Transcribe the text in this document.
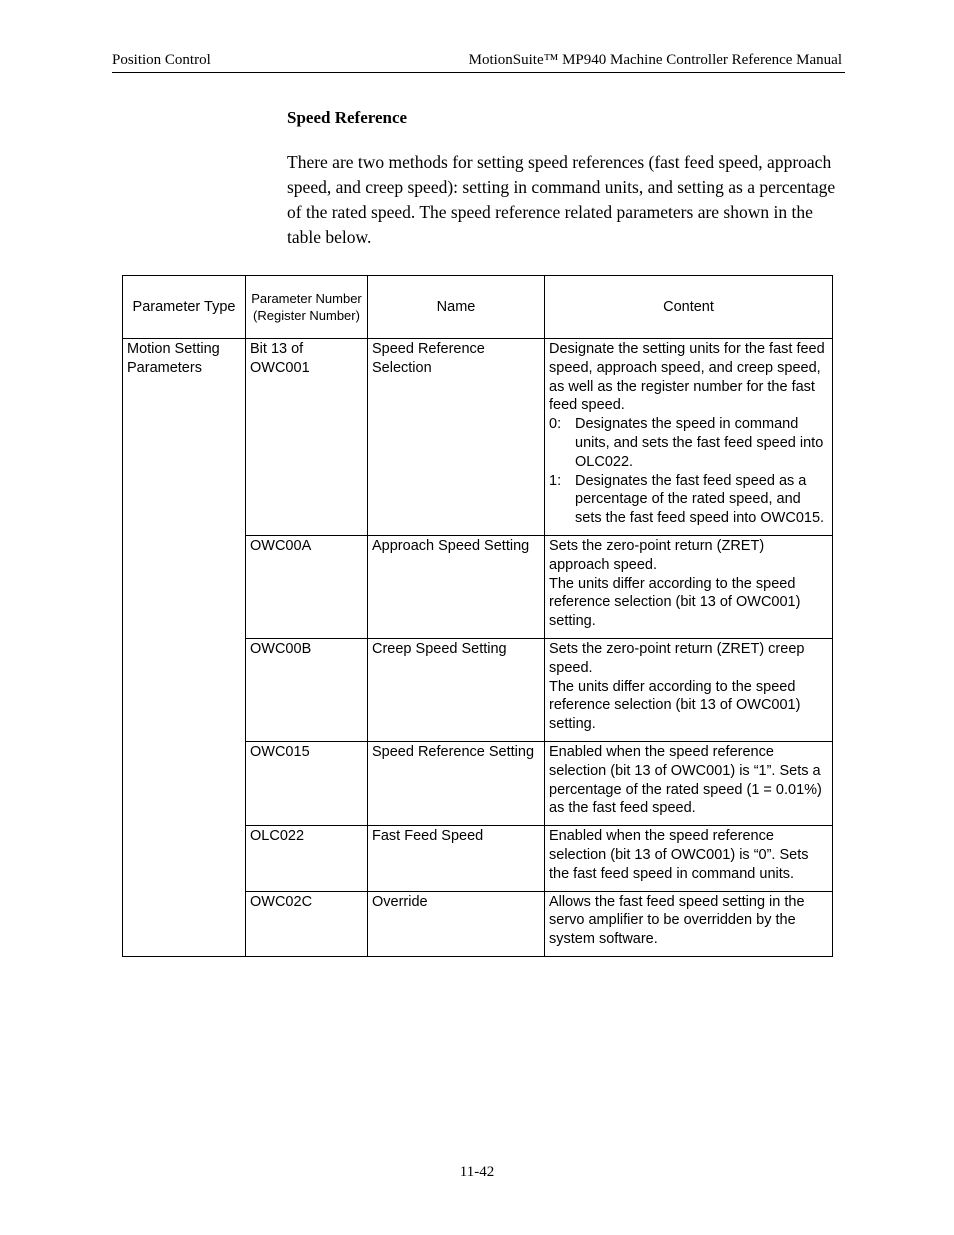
Position Control	MotionSuite™ MP940 Machine Controller Reference Manual
Speed Reference
There are two methods for setting speed references (fast feed speed, approach speed, and creep speed): setting in command units, and setting as a percentage of the rated speed. The speed reference related parameters are shown in the table below.
Parameter Type	Parameter Number (Register Number)	Name	Content
Motion Setting Parameters	Bit 13 of OWC001	Speed Reference Selection	Designate the setting units for the fast feed speed, approach speed, and creep speed, as well as the register number for the fast feed speed.
0: Designates the speed in command units, and sets the fast feed speed into OLC022.
1: Designates the fast feed speed as a percentage of the rated speed, and sets the fast feed speed into OWC015.

	OWC00A	Approach Speed Setting	Sets the zero-point return (ZRET) approach speed.
The units differ according to the speed reference selection (bit 13 of OWC001) setting.

	OWC00B	Creep Speed Setting	Sets the zero-point return (ZRET) creep speed.
The units differ according to the speed reference selection (bit 13 of OWC001) setting.

	OWC015	Speed Reference Setting	Enabled when the speed reference selection (bit 13 of OWC001) is “1”. Sets a percentage of the rated speed (1 = 0.01%) as the fast feed speed.
	OLC022	Fast Feed Speed	Enabled when the speed reference selection (bit 13 of OWC001) is “0”. Sets the fast feed speed in command units.
	OWC02C	Override	Allows the fast feed speed setting in the servo amplifier to be overridden by the system software.
11-42
